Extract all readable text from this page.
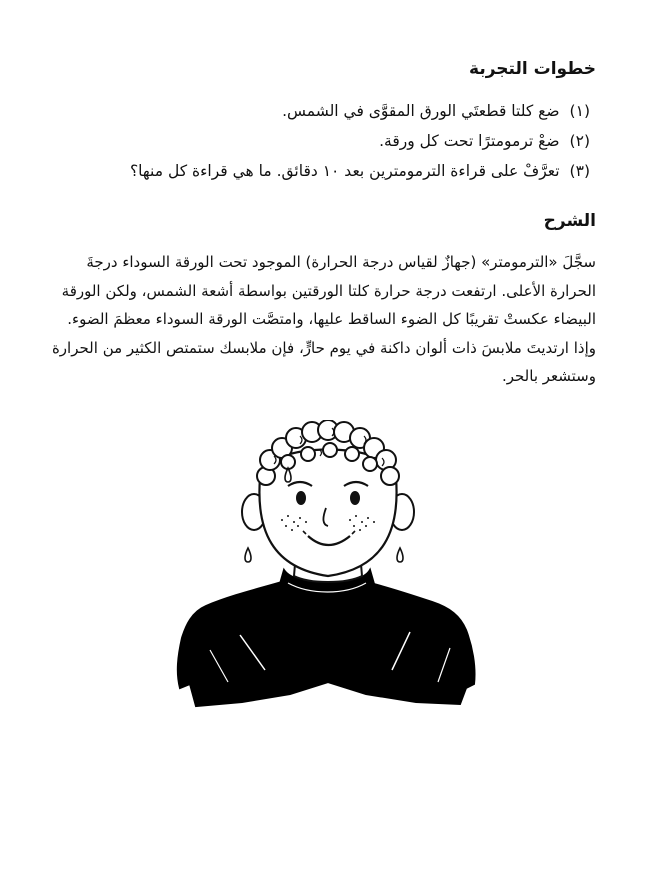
خطوات التجربة
(١)ضع كلتا قطعتَي الورق المقوَّى في الشمس.
(٢)ضعْ ترمومترًا تحت كل ورقة.
(٣)تعرَّفْ على قراءة الترمومترين بعد ١٠ دقائق. ما هي قراءة كل منها؟
الشرح

سجَّلَ «الترمومتر» (جهازٌ لقياس درجة الحرارة) الموجود تحت الورقة السوداء درجةَ
الحرارة الأعلى. ارتفعت درجة حرارة كلتا الورقتين بواسطة أشعة الشمس، ولكن الورقة
البيضاء عكستْ تقريبًا كل الضوء الساقط عليها، وامتصَّت الورقة السوداء معظمَ الضوء.
وإذا ارتديتَ ملابسَ ذات ألوان داكنة في يوم حارٍّ، فإن ملابسك ستمتص الكثير من الحرارة
وستشعر بالحر.
